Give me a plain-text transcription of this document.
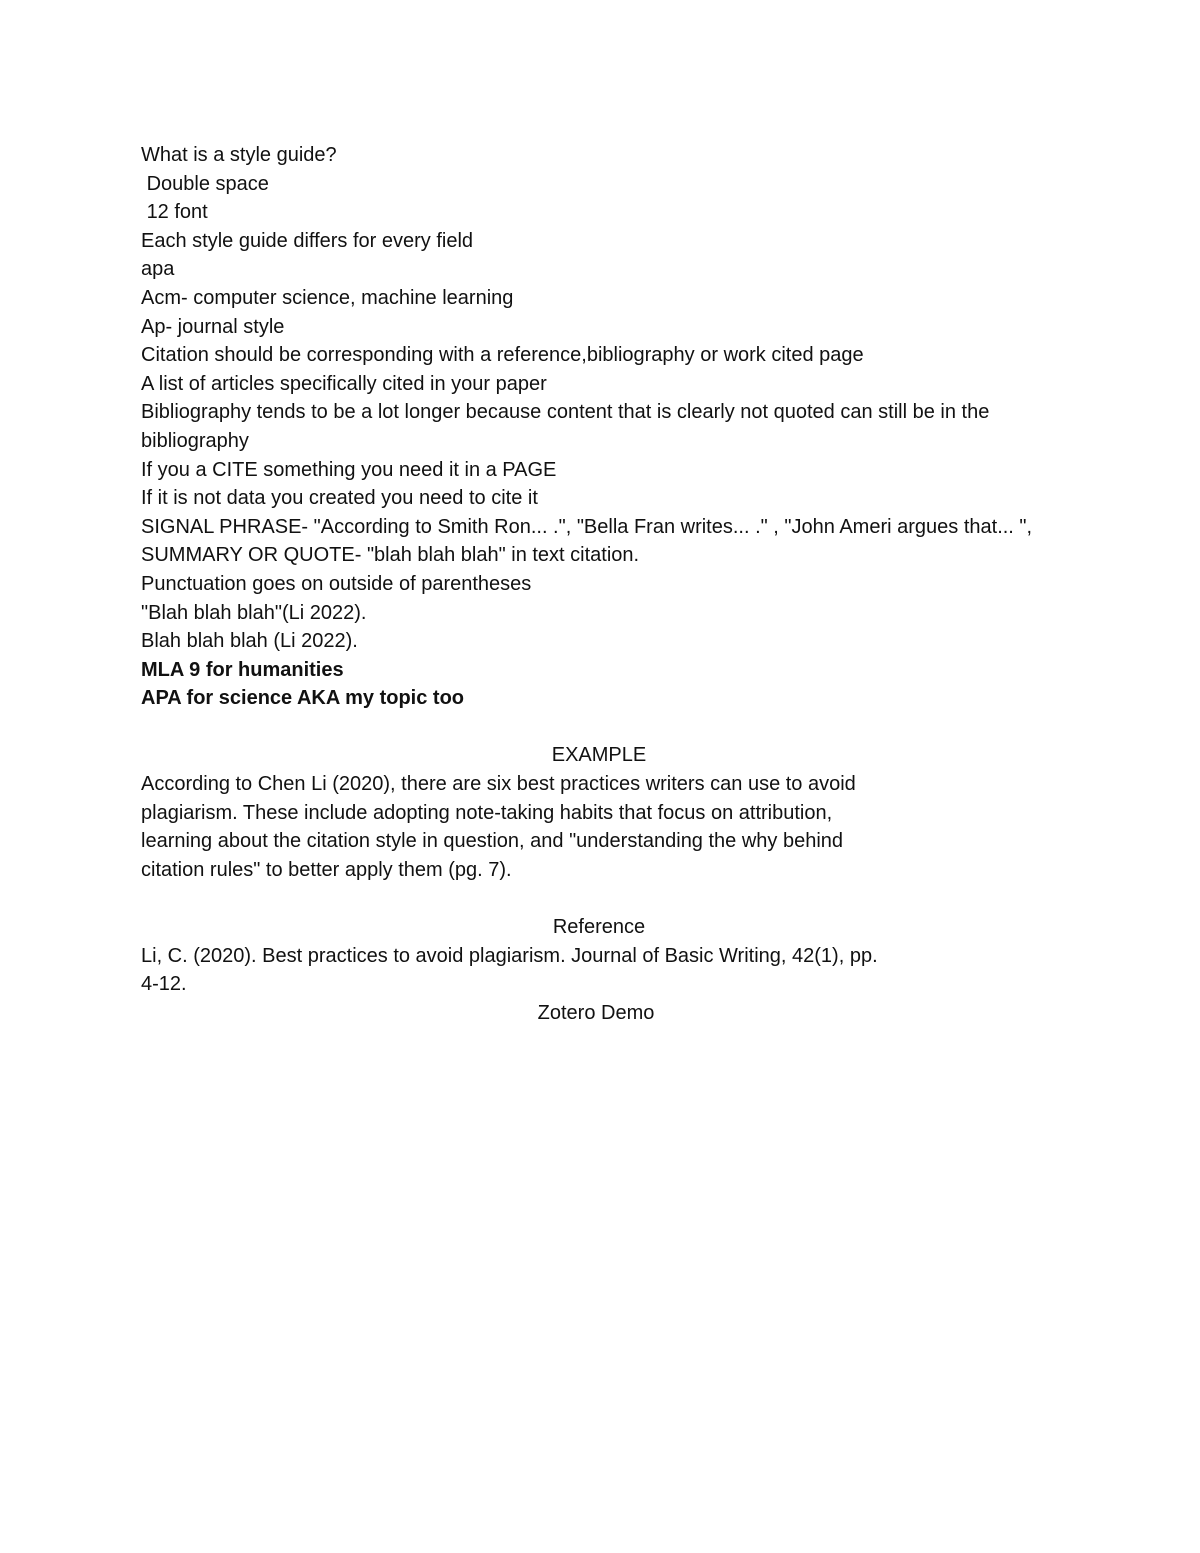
What is a style guide?
Double space
12 font
Each style guide differs for every field
apa
Acm- computer science, machine learning
Ap- journal style
Citation should be corresponding with a reference,bibliography or work cited page
A list of articles specifically cited in your paper
Bibliography tends to be a lot longer because content that is clearly not quoted can still be in the bibliography
If you a CITE something you need it in a PAGE
If it is not data you created you need to cite it
SIGNAL PHRASE- "According to Smith Ron... .", "Bella Fran writes... ." , "John Ameri argues that... ",
SUMMARY OR QUOTE- "blah blah blah" in text citation.
Punctuation goes on outside of parentheses
"Blah blah blah"(Li 2022).
Blah blah blah (Li 2022).
MLA 9 for humanities
APA for science AKA my topic too
EXAMPLE
According to Chen Li (2020), there are six best practices writers can use to avoid
plagiarism. These include adopting note-taking habits that focus on attribution,
learning about the citation style in question, and "understanding the why behind
citation rules" to better apply them (pg. 7).
Reference
Li, C. (2020). Best practices to avoid plagiarism. Journal of Basic Writing, 42(1), pp.
4-12.
Zotero Demo
